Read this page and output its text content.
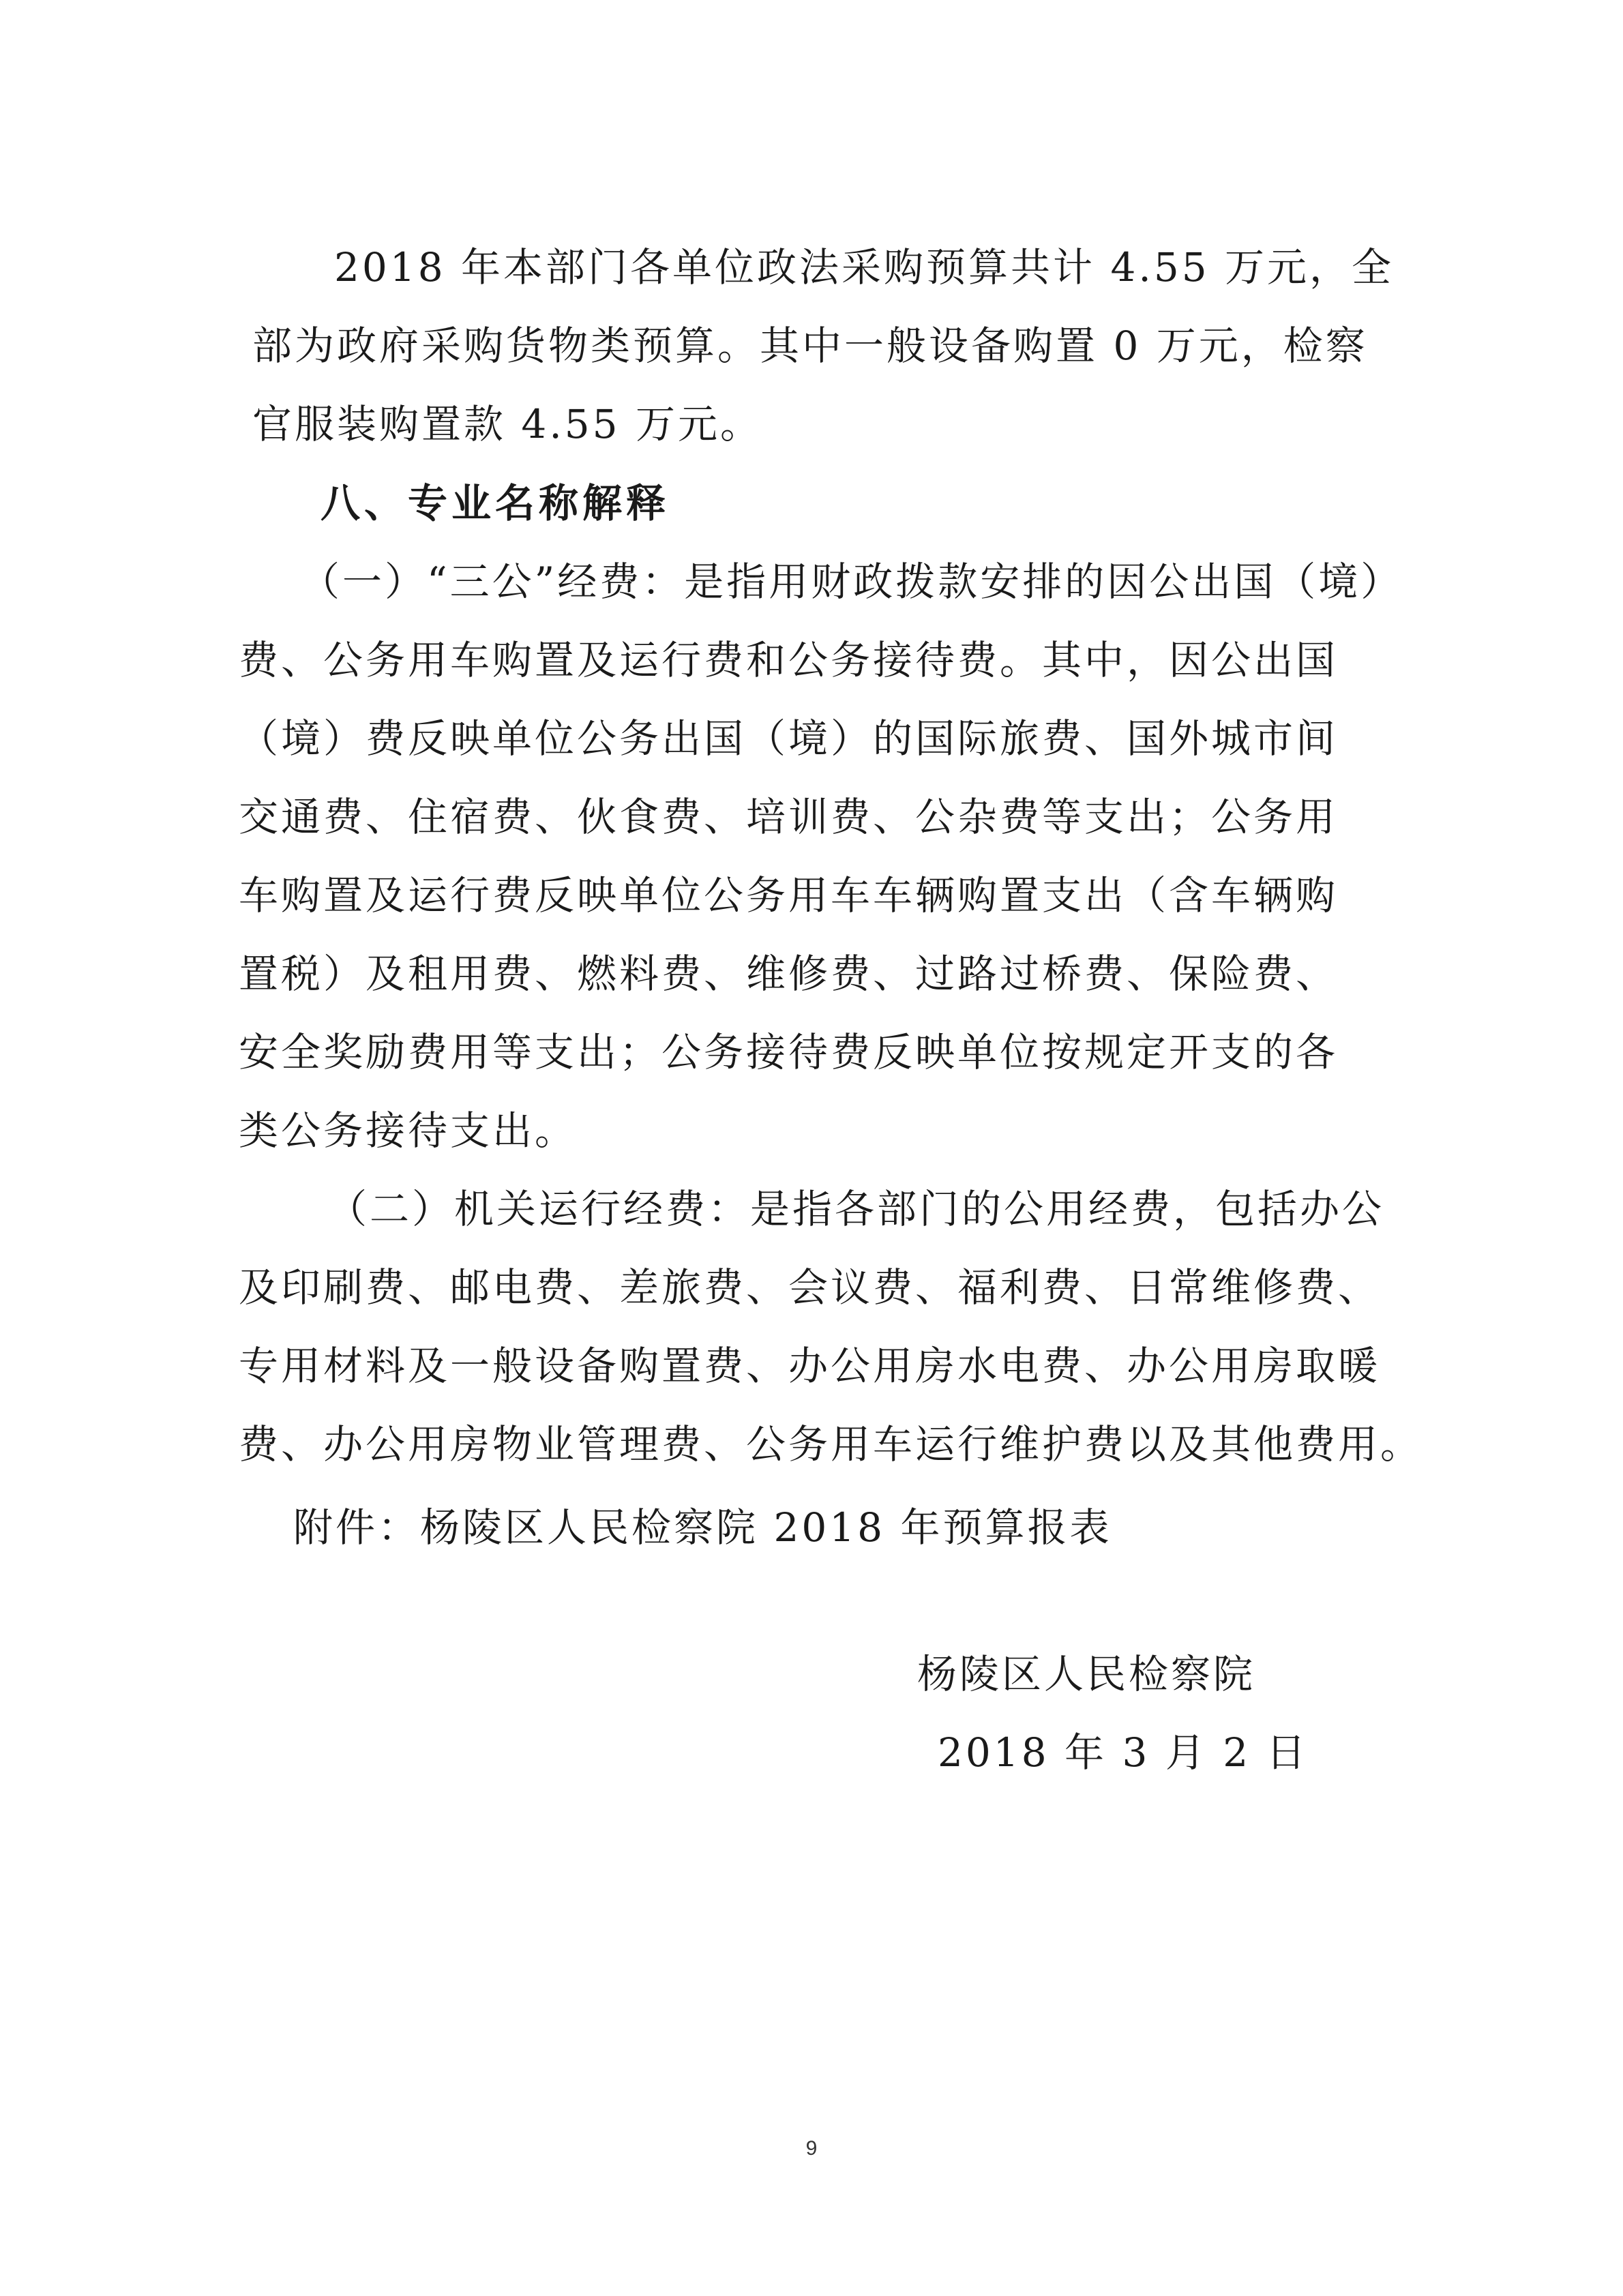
2018 年本部门各单位政法采购预算共计 4.55 万元，全
部为政府采购货物类预算。其中一般设备购置 0 万元，检察
官服装购置款 4.55 万元。
八、专业名称解释
（一）“三公”经费：是指用财政拨款安排的因公出国（境）
费、公务用车购置及运行费和公务接待费。其中，因公出国
（境）费反映单位公务出国（境）的国际旅费、国外城市间
交通费、住宿费、伙食费、培训费、公杂费等支出；公务用
车购置及运行费反映单位公务用车车辆购置支出（含车辆购
置税）及租用费、燃料费、维修费、过路过桥费、保险费、
安全奖励费用等支出；公务接待费反映单位按规定开支的各
类公务接待支出。
（二）机关运行经费：是指各部门的公用经费，包括办公
及印刷费、邮电费、差旅费、会议费、福利费、日常维修费、
专用材料及一般设备购置费、办公用房水电费、办公用房取暖
费、办公用房物业管理费、公务用车运行维护费以及其他费用。
附件：杨陵区人民检察院 2018 年预算报表
杨陵区人民检察院
2018 年 3 月 2 日
9
